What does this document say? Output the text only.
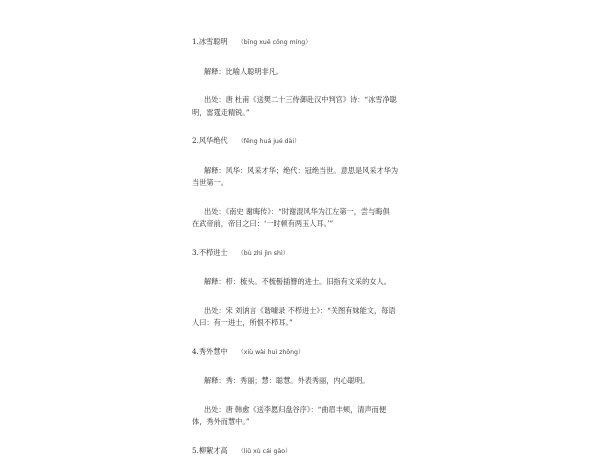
1.冰雪聪明 （bīng xuě cōng míng）
解释：比喻人聪明非凡。
出处：唐 杜甫《送樊二十三侍御赴汉中判官》诗：“冰雪净聪
明，雷霆走精锐。”
2.风华绝代 （fēng huá jué dài）
解释：风华：风采才华；绝代：冠绝当世。意思是风采才华为
当世第一。
出处：《南史 谢晦传》：“时谢混风华为江左第一，尝与晦俱
在武帝前，帝目之曰：‘一时顿有两玉人耳。’”
3.不栉进士 （bù zhì jìn shì）
解释：栉：梳头。不梳髻插簪的进士。旧指有文采的女人。
出处：宋 刘讷言《谐噱录 不栉进士》：“关图有妹能文，每语
人曰：有一进士，所恨不栉耳。”
4.秀外慧中 （xiù wài huì zhōng）
解释：秀：秀丽；慧：聪慧。外表秀丽，内心聪明。
出处：唐 韩愈《送李愿归盘谷序》：“曲眉丰颊，清声而便
体，秀外而慧中。”
5.柳絮才高 （liǔ xù cái gāo）
